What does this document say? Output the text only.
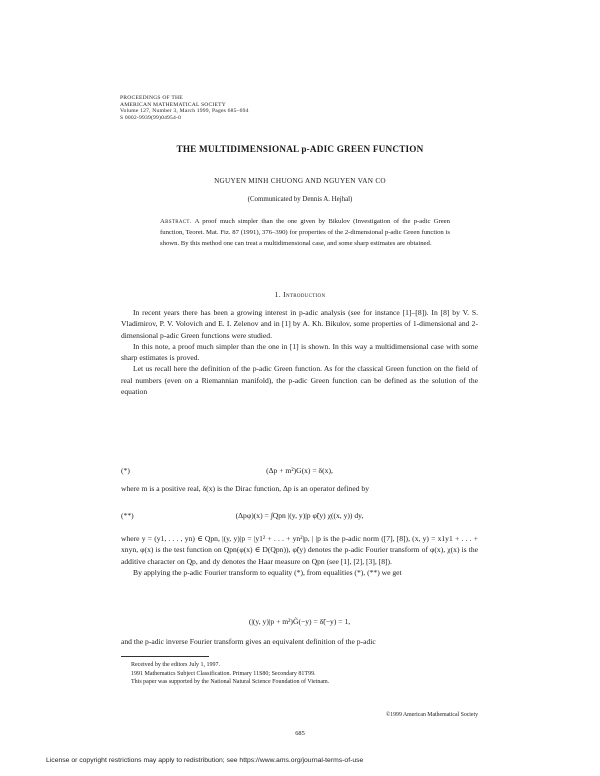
PROCEEDINGS OF THE
AMERICAN MATHEMATICAL SOCIETY
Volume 127, Number 3, March 1999, Pages 685–694
S 0002-9939(99)04954-0
THE MULTIDIMENSIONAL p-ADIC GREEN FUNCTION
NGUYEN MINH CHUONG AND NGUYEN VAN CO
(Communicated by Dennis A. Hejhal)
Abstract. A proof much simpler than the one given by Bikulov (Investigation of the p-adic Green function, Teoret. Mat. Fiz. 87 (1991), 376–390) for properties of the 2-dimensional p-adic Green function is shown. By this method one can treat a multidimensional case, and some sharp estimates are obtained.
1. Introduction

In recent years there has been a growing interest in p-adic analysis (see for instance [1]–[8]). In [8] by V. S. Vladimirov, P. V. Volovich and E. I. Zelenov and in [1] by A. Kh. Bikulov, some properties of 1-dimensional and 2-dimensional p-adic Green functions were studied.

In this note, a proof much simpler than the one in [1] is shown. In this way a multidimensional case with some sharp estimates is proved.

Let us recall here the definition of the p-adic Green function. As for the classical Green function on the field of real numbers (even on a Riemannian manifold), the p-adic Green function can be defined as the solution of the equation

(*)	(Δp + m²)G(x) = δ(x),

where m is a positive real, δ(x) is the Dirac function, Δp is an operator defined by

(**)	(Δpφ)(x) = ∫Qpn |(y, y)|p φ̃(y) χ((x, y)) dy,

where y = (y1, . . . , yn) ∈ Qpn, |(y, y)|p = |y1² + . . . + yn²|p, | |p is the p-adic norm ([7], [8]), (x, y) = x1y1 + . . . + xnyn, φ(x) is the test function on Qpn(φ(x) ∈ D(Qpn)), φ̃(y) denotes the p-adic Fourier transform of φ(x), χ(x) is the additive character on Qp, and dy denotes the Haar measure on Qpn (see [1], [2], [3], [8]).

By applying the p-adic Fourier transform to equality (*), from equalities (*), (**) we get

(|(y, y)|p + m²)G̃(−y) = δ̃(−y) = 1,

and the p-adic inverse Fourier transform gives an equivalent definition of the p-adic

Received by the editors July 1, 1997.
1991 Mathematics Subject Classification. Primary 11S80; Secondary 81T99.
This paper was supported by the National Natural Science Foundation of Vietnam.
©1999 American Mathematical Society
685
License or copyright restrictions may apply to redistribution; see https://www.ams.org/journal-terms-of-use
